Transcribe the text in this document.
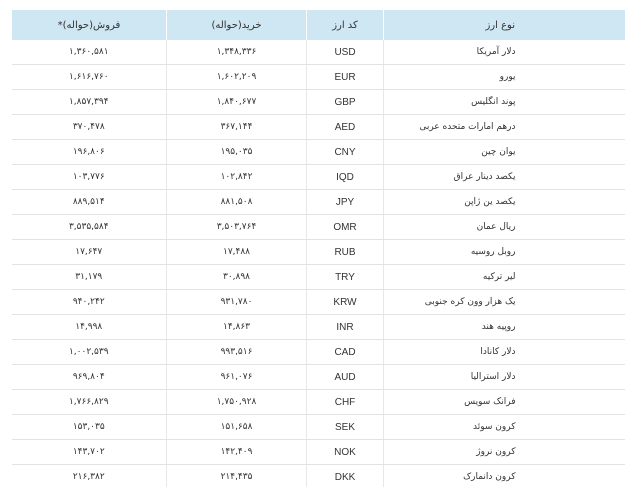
نوع ارز	کد ارز	خرید(حواله)	فروش(حواله)*
دلار آمریکا	USD	۱,۳۴۸,۳۳۶	۱,۳۶۰,۵۸۱
یورو	EUR	۱,۶۰۲,۲۰۹	۱,۶۱۶,۷۶۰
پوند انگلیس	GBP	۱,۸۴۰,۶۷۷	۱,۸۵۷,۳۹۴
درهم امارات متحده عربی	AED	۳۶۷,۱۴۴	۳۷۰,۴۷۸
یوان چین	CNY	۱۹۵,۰۳۵	۱۹۶,۸۰۶
یکصد دینار عراق	IQD	۱۰۲,۸۴۲	۱۰۳,۷۷۶
یکصد ین ژاپن	JPY	۸۸۱,۵۰۸	۸۸۹,۵۱۴
ریال عمان	OMR	۳,۵۰۳,۷۶۴	۳,۵۳۵,۵۸۴
روبل روسیه	RUB	۱۷,۴۸۸	۱۷,۶۴۷
لیر ترکیه	TRY	۳۰,۸۹۸	۳۱,۱۷۹
یک هزار وون کره جنوبی	KRW	۹۳۱,۷۸۰	۹۴۰,۲۴۲
روپیه هند	INR	۱۴,۸۶۳	۱۴,۹۹۸
دلار کانادا	CAD	۹۹۳,۵۱۶	۱,۰۰۲,۵۳۹
دلار استرالیا	AUD	۹۶۱,۰۷۶	۹۶۹,۸۰۴
فرانک سویس	CHF	۱,۷۵۰,۹۲۸	۱,۷۶۶,۸۲۹
کرون سوئد	SEK	۱۵۱,۶۵۸	۱۵۳,۰۳۵
کرون نروژ	NOK	۱۴۲,۴۰۹	۱۴۳,۷۰۲
کرون دانمارک	DKK	۲۱۴,۴۳۵	۲۱۶,۳۸۲
